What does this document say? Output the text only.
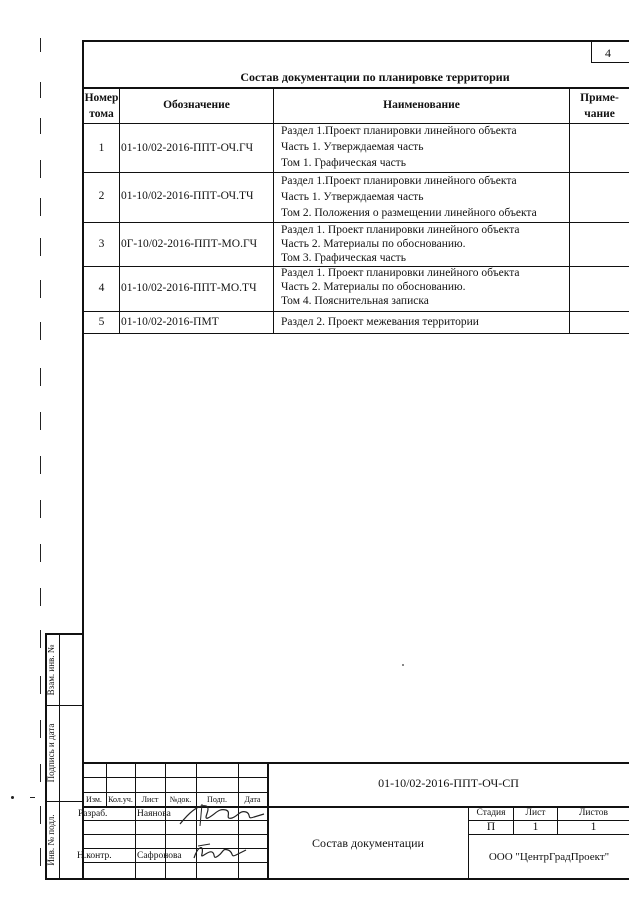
4
Состав документации по планировке территории
Номер
тома
Обозначение	Наименование
Приме-
чание
1	01-10/02-2016-ППТ-ОЧ.ГЧ
Раздел 1.Проект планировки линейного объекта
Часть 1. Утверждаемая часть
Том 1. Графическая часть
2	01-10/02-2016-ППТ-ОЧ.ТЧ
Раздел 1.Проект планировки линейного объекта
Часть 1. Утверждаемая часть
Том 2. Положения о размещении линейного объекта
3	0Г-10/02-2016-ППТ-МО.ГЧ
Раздел 1. Проект планировки линейного объекта
Часть 2. Материалы по обоснованию.
Том 3. Графическая часть
4	01-10/02-2016-ППТ-МО.ТЧ
Раздел 1. Проект планировки линейного объекта
Часть 2. Материалы по обоснованию.
Том 4. Пояснительная записка
5	01-10/02-2016-ПМТ	Раздел 2. Проект межевания территории
Взам. инв. №
Подпись и дата
Инв. № подл.
Изм. Кол.уч.	Лист	№док.	Подп.	Дата
Разраб.	Наянова
Н.контр.	Сафронова
01-10/02-2016-ППТ-ОЧ-СП
Состав документации
Стадия	Лист	Листов
П	1	1
ООО "ЦентрГрадПроект"
